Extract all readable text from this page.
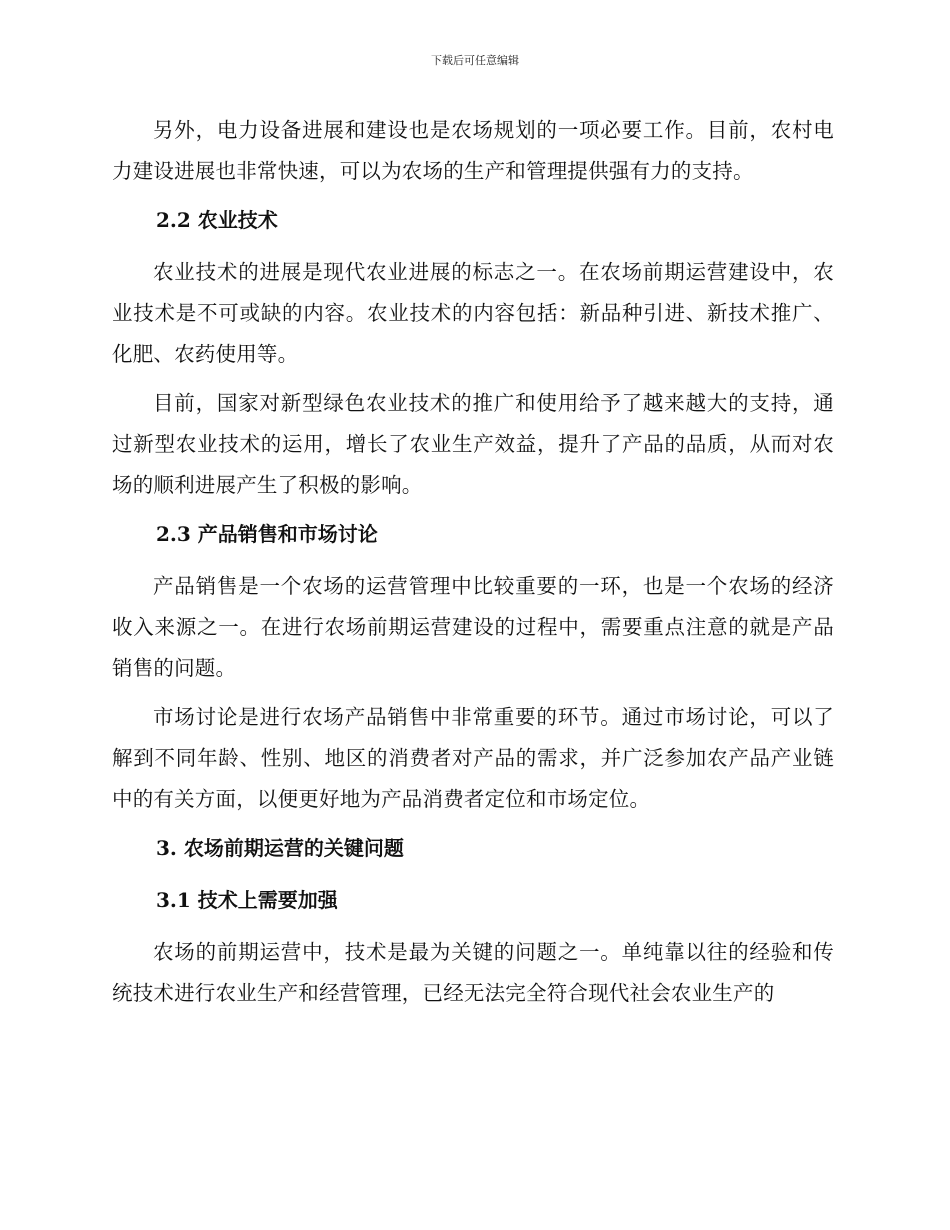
下载后可任意编辑

另外，电力设备进展和建设也是农场规划的一项必要工作。目前，农村电力建设进展也非常快速，可以为农场的生产和管理提供强有力的支持。

2.2 农业技术

农业技术的进展是现代农业进展的标志之一。在农场前期运营建设中，农业技术是不可或缺的内容。农业技术的内容包括：新品种引进、新技术推广、化肥、农药使用等。

目前，国家对新型绿色农业技术的推广和使用给予了越来越大的支持，通过新型农业技术的运用，增长了农业生产效益，提升了产品的品质，从而对农场的顺利进展产生了积极的影响。

2.3 产品销售和市场讨论

产品销售是一个农场的运营管理中比较重要的一环，也是一个农场的经济收入来源之一。在进行农场前期运营建设的过程中，需要重点注意的就是产品销售的问题。

市场讨论是进行农场产品销售中非常重要的环节。通过市场讨论，可以了解到不同年龄、性别、地区的消费者对产品的需求，并广泛参加农产品产业链中的有关方面，以便更好地为产品消费者定位和市场定位。

3. 农场前期运营的关键问题
3.1 技术上需要加强

农场的前期运营中，技术是最为关键的问题之一。单纯靠以往的经验和传统技术进行农业生产和经营管理，已经无法完全符合现代社会农业生产的
